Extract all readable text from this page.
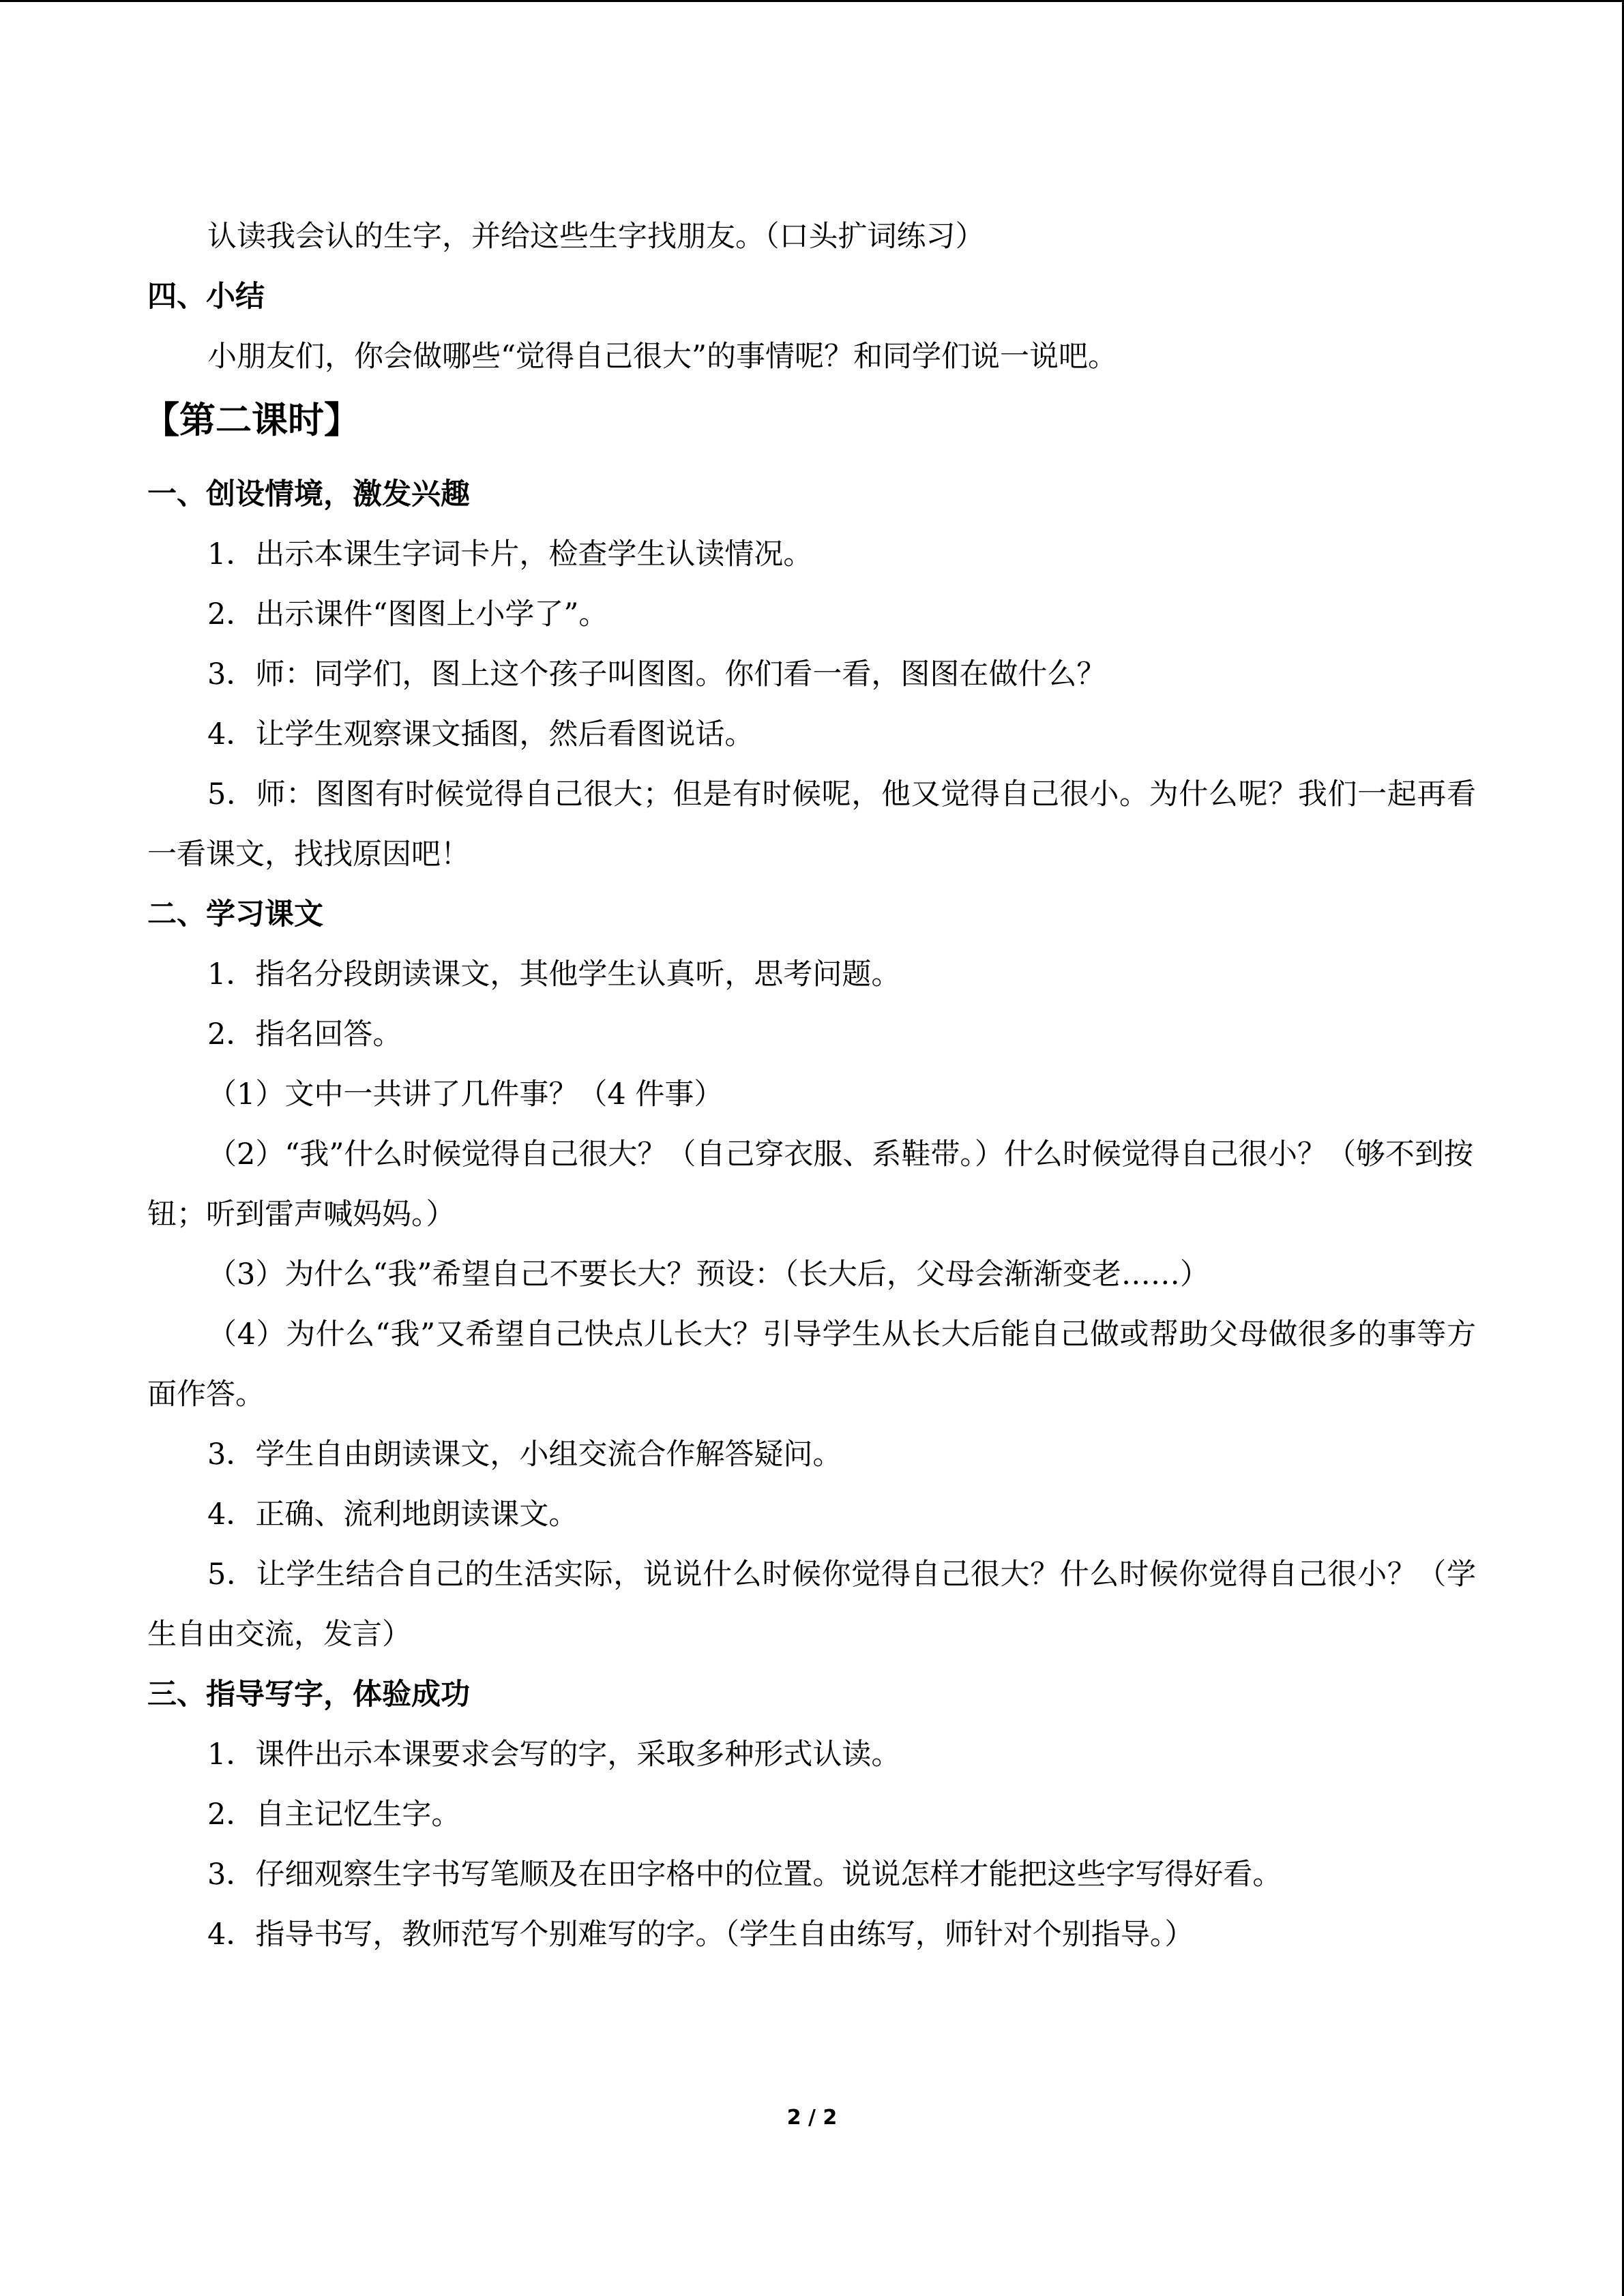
认读我会认的生字，并给这些生字找朋友。（口头扩词练习）

四、小结

小朋友们，你会做哪些“觉得自己很大”的事情呢？和同学们说一说吧。

【第二课时】

一、创设情境，激发兴趣

1．出示本课生字词卡片，检查学生认读情况。

2．出示课件“图图上小学了”。

3．师：同学们，图上这个孩子叫图图。你们看一看，图图在做什么？

4．让学生观察课文插图，然后看图说话。

5．师：图图有时候觉得自己很大；但是有时候呢，他又觉得自己很小。为什么呢？我们一起再看一看课文，找找原因吧！

二、学习课文

1．指名分段朗读课文，其他学生认真听，思考问题。

2．指名回答。

（1）文中一共讲了几件事？（4 件事）

（2）“我”什么时候觉得自己很大？（自己穿衣服、系鞋带。）什么时候觉得自己很小？（够不到按钮；听到雷声喊妈妈。）

（3）为什么“我”希望自己不要长大？预设：（长大后，父母会渐渐变老……）

（4）为什么“我”又希望自己快点儿长大？引导学生从长大后能自己做或帮助父母做很多的事等方面作答。

3．学生自由朗读课文，小组交流合作解答疑问。

4．正确、流利地朗读课文。

5．让学生结合自己的生活实际，说说什么时候你觉得自己很大？什么时候你觉得自己很小？（学生自由交流，发言）

三、指导写字，体验成功

1．课件出示本课要求会写的字，采取多种形式认读。

2．自主记忆生字。

3．仔细观察生字书写笔顺及在田字格中的位置。说说怎样才能把这些字写得好看。

4．指导书写，教师范写个别难写的字。（学生自由练写，师针对个别指导。）

2 / 2
